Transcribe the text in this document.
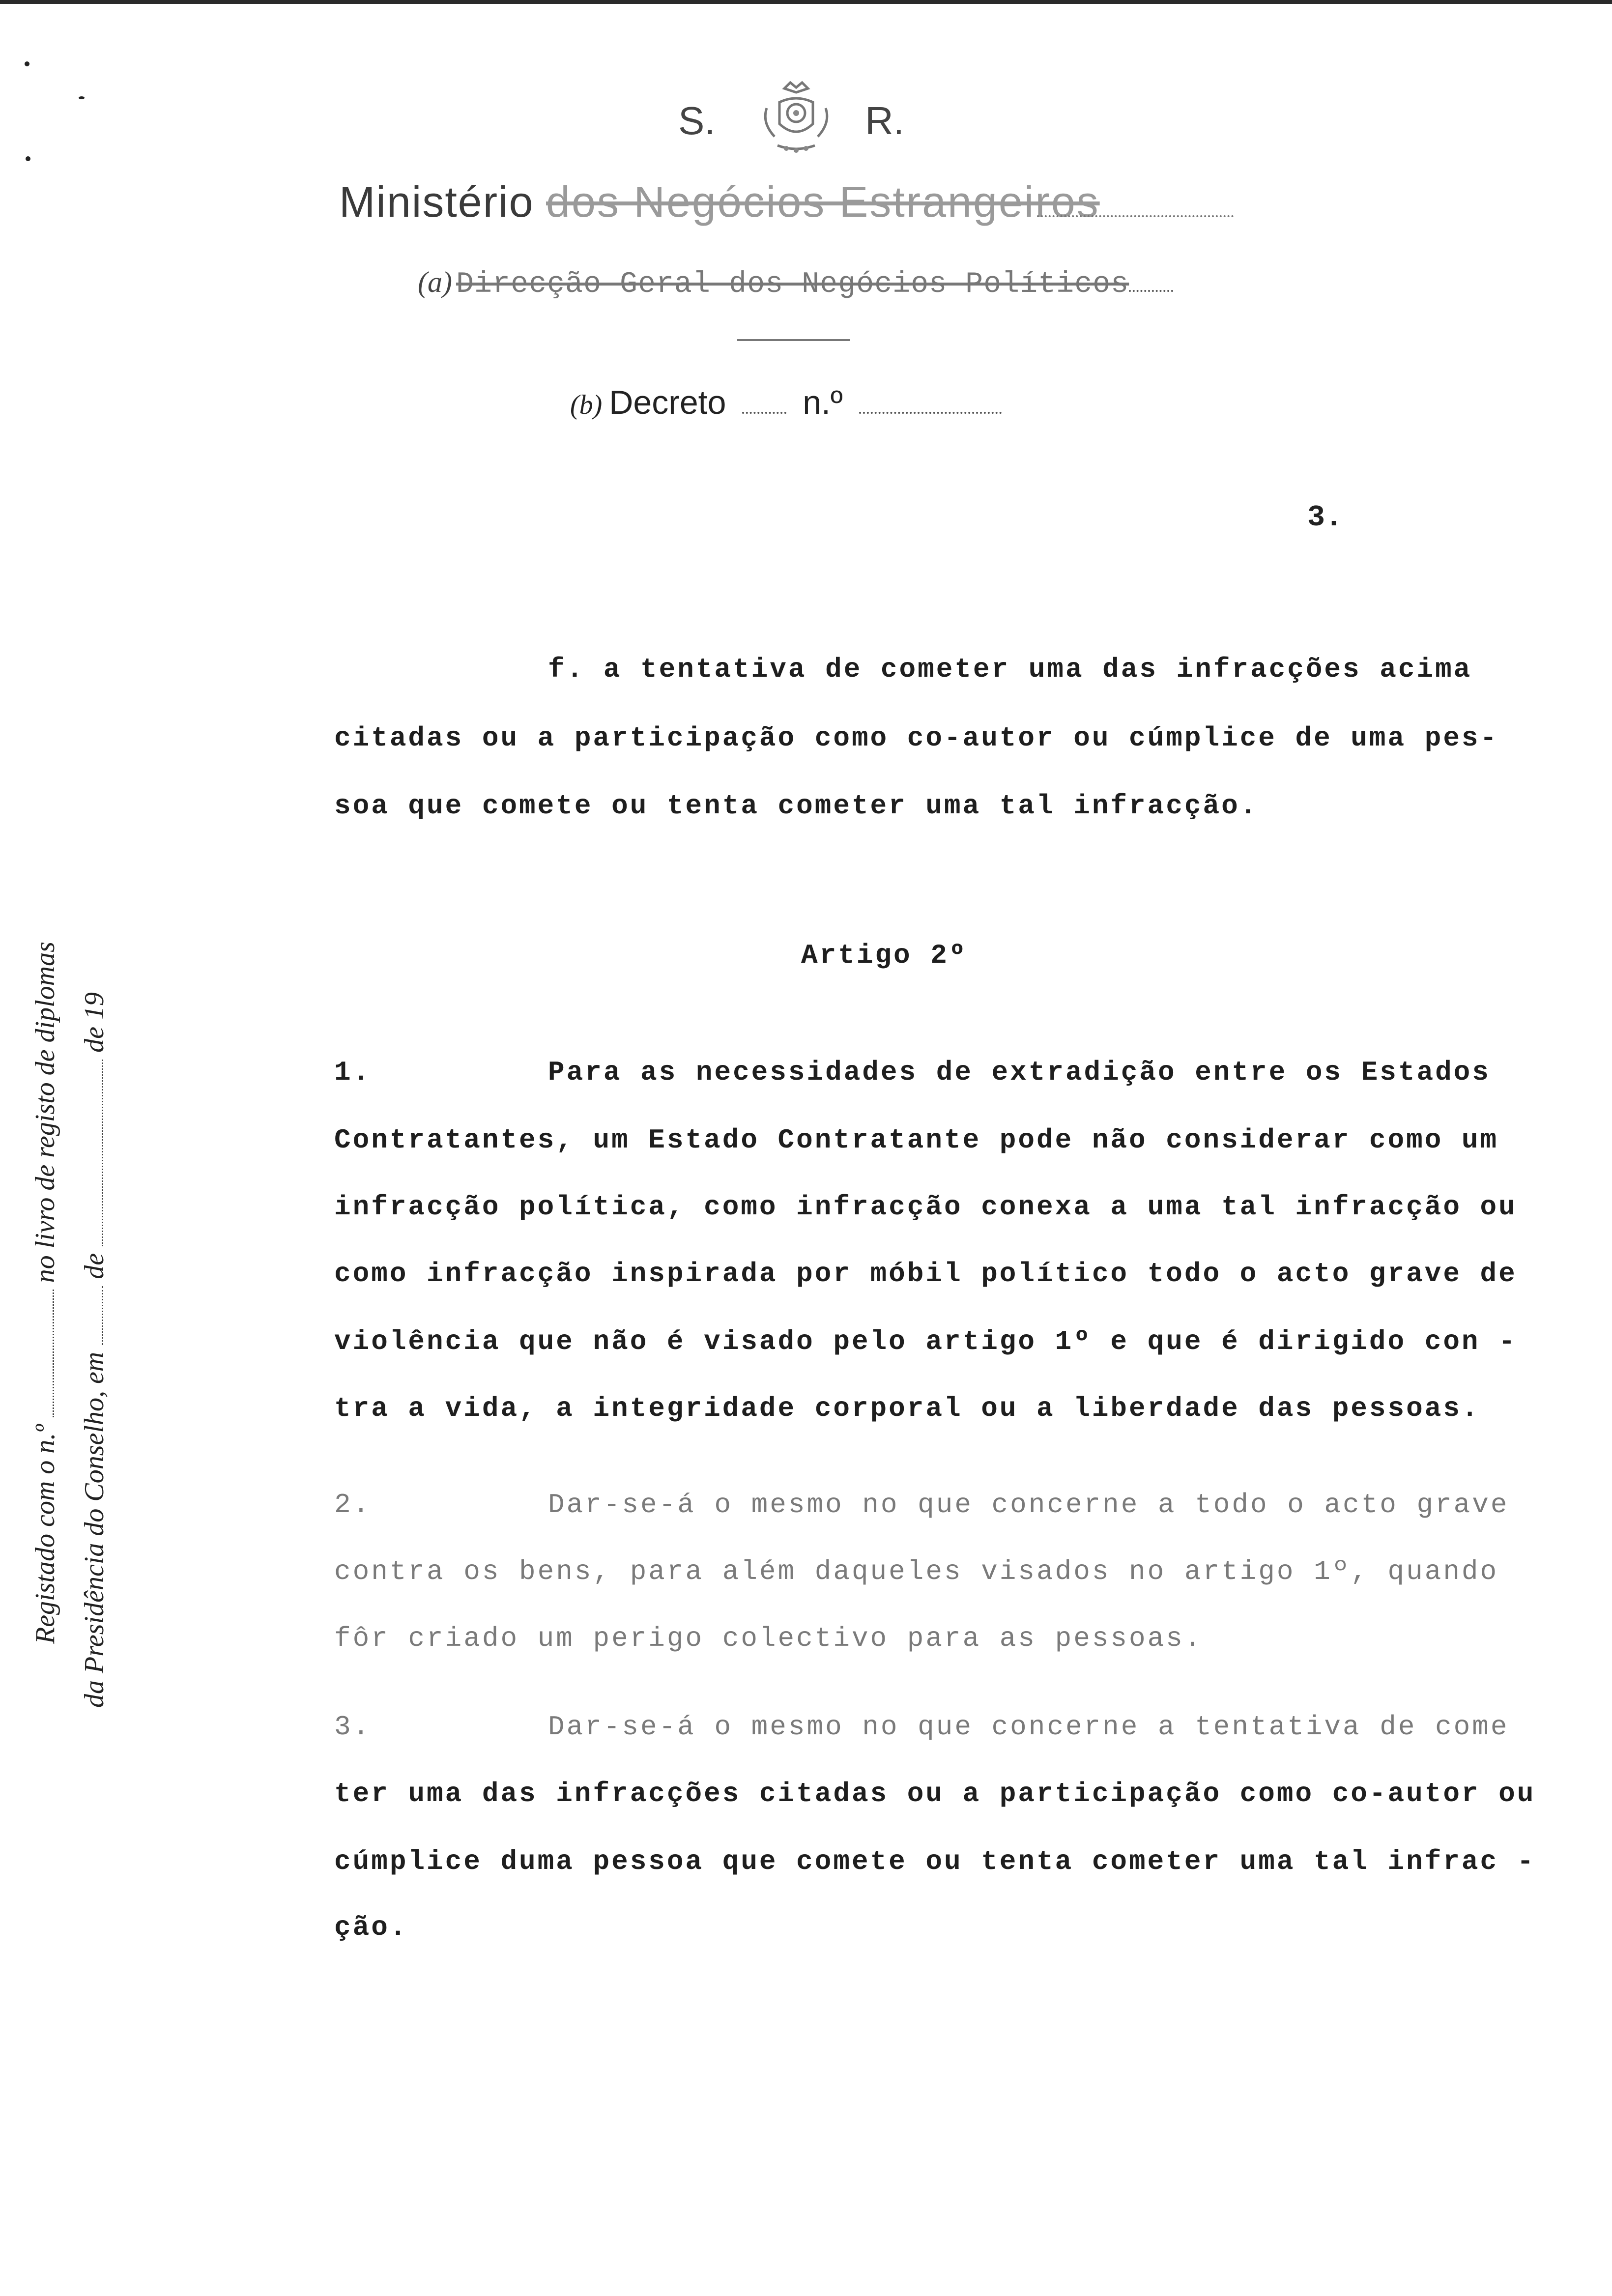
S.	R.
Ministério dos Negócios Estrangeiros
(a) Direcção-Geral dos Negócios Políticos
(b) Decreto n.º
3.
Registado com o n.º  no livro de registo de diplomas
da Presidência do Conselho, em  de  de 19
f. a tentativa de cometer uma das infracções acima
citadas ou a participação como co-autor ou cúmplice de uma pes-
soa que comete ou tenta cometer uma tal infracção.
Artigo 2º
1.	Para as necessidades de extradição entre os Estados
Contratantes, um Estado Contratante pode não considerar como um
infracção política, como infracção conexa a uma tal infracção ou
como infracção inspirada por móbil político todo o acto grave de
violência que não é visado pelo artigo 1º e que é dirigido con -
tra a vida, a integridade corporal ou a liberdade das pessoas.
2.	Dar-se-á o mesmo no que concerne a todo o acto grave
contra os bens, para além daqueles visados no artigo 1º, quando
fôr criado um perigo colectivo para as pessoas.
3.	Dar-se-á o mesmo no que concerne a tentativa de come
ter uma das infracções citadas ou a participação como co-autor ou
cúmplice duma pessoa que comete ou tenta cometer uma tal infrac -
ção.
